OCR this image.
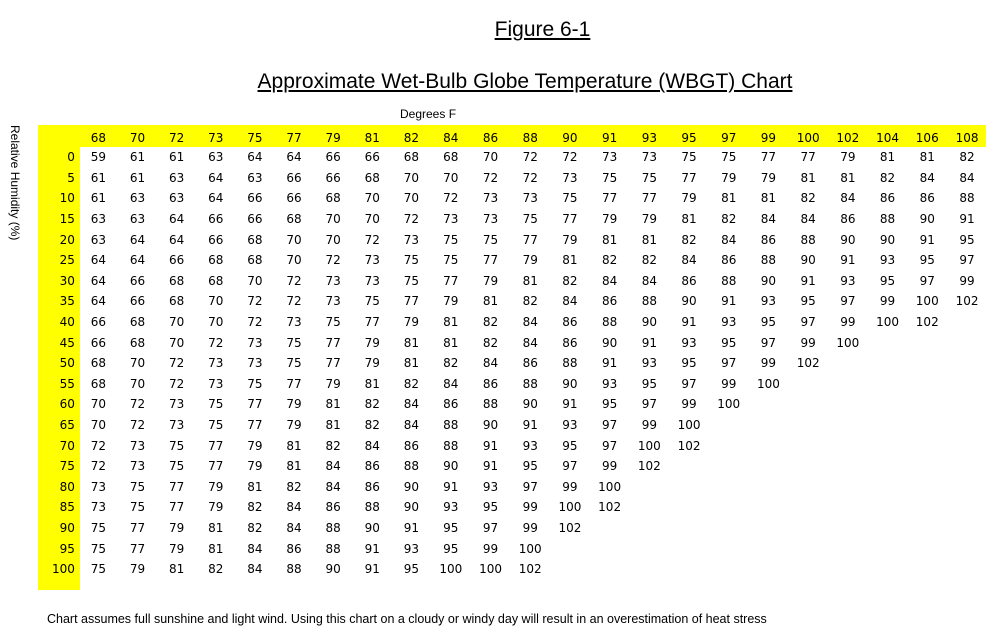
Figure 6-1
Approximate Wet-Bulb Globe Temperature (WBGT) Chart
Degrees F
Relative Humidity (%)
		68	70	72	73	75	77	79	81	82	84	86	88	90	91	93	95	97	99	100	102	104	106	108
0	59	61	61	63	64	64	66	66	68	68	70	72	72	73	73	75	75	77	77	79	81	81	82
5	61	61	63	64	63	66	66	68	70	70	72	72	73	75	75	77	79	79	81	81	82	84	84
10	61	63	63	64	66	66	68	70	70	72	73	73	75	77	77	79	81	81	82	84	86	86	88
15	63	63	64	66	66	68	70	70	72	73	73	75	77	79	79	81	82	84	84	86	88	90	91
20	63	64	64	66	68	70	70	72	73	75	75	77	79	81	81	82	84	86	88	90	90	91	95
25	64	64	66	68	68	70	72	73	75	75	77	79	81	82	82	84	86	88	90	91	93	95	97
30	64	66	68	68	70	72	73	73	75	77	79	81	82	84	84	86	88	90	91	93	95	97	99
35	64	66	68	70	72	72	73	75	77	79	81	82	84	86	88	90	91	93	95	97	99	100	102
40	66	68	70	70	72	73	75	77	79	81	82	84	86	88	90	91	93	95	97	99	100	102	
45	66	68	70	72	73	75	77	79	81	81	82	84	86	90	91	93	95	97	99	100			
50	68	70	72	73	73	75	77	79	81	82	84	86	88	91	93	95	97	99	102				
55	68	70	72	73	75	77	79	81	82	84	86	88	90	93	95	97	99	100					
60	70	72	73	75	77	79	81	82	84	86	88	90	91	95	97	99	100						
65	70	72	73	75	77	79	81	82	84	88	90	91	93	97	99	100							
70	72	73	75	77	79	81	82	84	86	88	91	93	95	97	100	102							
75	72	73	75	77	79	81	84	86	88	90	91	95	97	99	102								
80	73	75	77	79	81	82	84	86	90	91	93	97	99	100									
85	73	75	77	79	82	84	86	88	90	93	95	99	100	102									
90	75	77	79	81	82	84	88	90	91	95	97	99	102										
95	75	77	79	81	84	86	88	91	93	95	99	100											
100	75	79	81	82	84	88	90	91	95	100	100	102											
Chart assumes full sunshine and light wind. Using this chart on a cloudy or windy day will result in an overestimation of heat stress
